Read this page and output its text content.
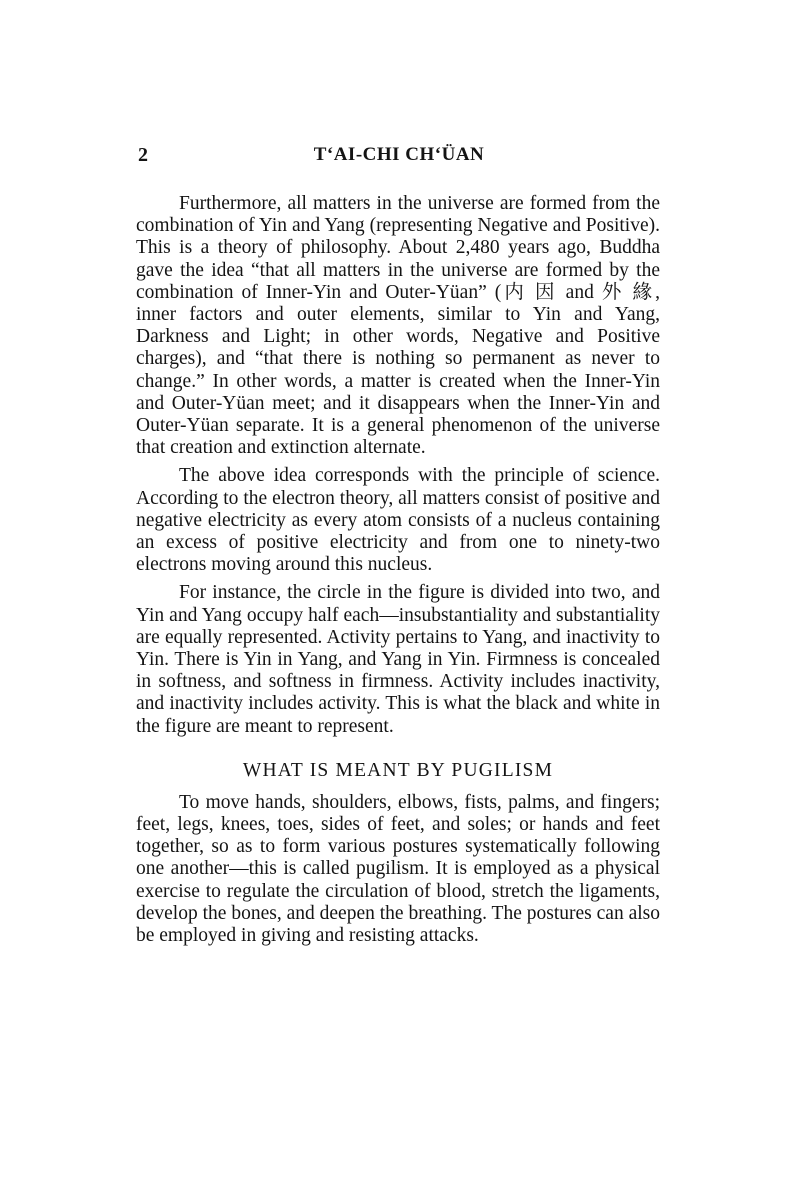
2	T‘AI-CHI CH‘ÜAN

Furthermore, all matters in the universe are formed from the combination of Yin and Yang (representing Negative and Positive). This is a theory of philosophy. About 2,480 years ago, Buddha gave the idea “that all matters in the universe are formed by the combination of Inner-Yin and Outer-Yüan” (内 因 and 外 緣, inner factors and outer elements, similar to Yin and Yang, Darkness and Light; in other words, Negative and Positive charges), and “that there is nothing so permanent as never to change.” In other words, a matter is created when the Inner-Yin and Outer-Yüan meet; and it disappears when the Inner-Yin and Outer-Yüan separate. It is a general phenomenon of the universe that creation and extinction alternate.

The above idea corresponds with the principle of science. According to the electron theory, all matters consist of positive and negative electricity as every atom consists of a nucleus containing an excess of positive electricity and from one to ninety-two electrons moving around this nucleus.

For instance, the circle in the figure is divided into two, and Yin and Yang occupy half each—insubstantiality and substantiality are equally represented. Activity pertains to Yang, and inactivity to Yin. There is Yin in Yang, and Yang in Yin. Firmness is concealed in softness, and softness in firmness. Activity includes inactivity, and inactivity includes activity. This is what the black and white in the figure are meant to represent.

WHAT IS MEANT BY PUGILISM

To move hands, shoulders, elbows, fists, palms, and fingers; feet, legs, knees, toes, sides of feet, and soles; or hands and feet together, so as to form various postures systematically following one another—this is called pugilism. It is employed as a physical exercise to regulate the circulation of blood, stretch the ligaments, develop the bones, and deepen the breathing. The postures can also be employed in giving and resisting attacks.
